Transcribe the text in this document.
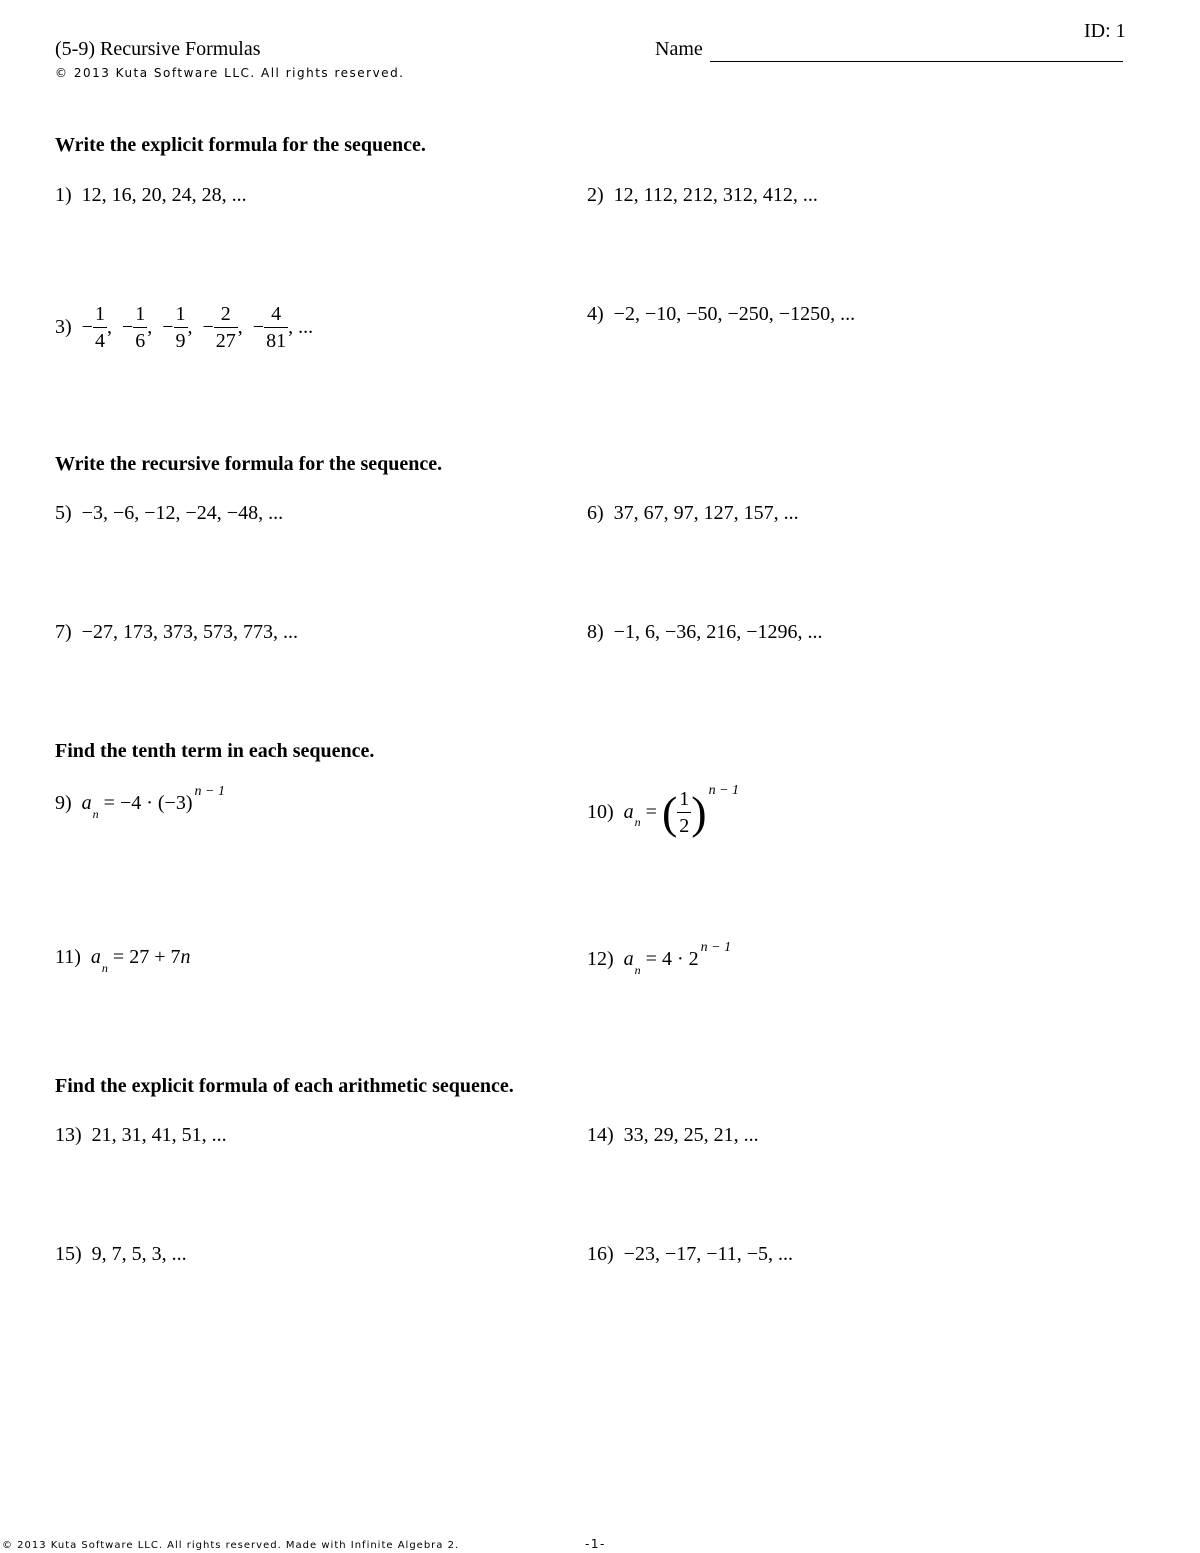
ID: 1
(5-9) Recursive Formulas
© 2013 Kuta Software LLC. All rights reserved.
Name
Write the explicit formula for the sequence.
1) 12, 16, 20, 24, 28, ...	2) 12, 112, 212, 312, 412, ...
$3) - \frac{1}{4}$ , − $\frac{1}{6}$ , − $\frac{1}{9}$ , − $\frac{2}{27}$ , − $\frac{4}{81}$ , ...
4) −2, −10, −50, −250, −1250, ...
Write the recursive formula for the sequence.
5) −3, −6, −12, −24, −48, ...	6) 37, 67, 97, 127, 157, ...
7) −27, 173, 373, 573, 773, ...	8) −1, 6, −36, 216, −1296, ...
Find the tenth term in each sequence.
9) $a_n = -4 \cdot (-3)^{n - 1}$
10)
a n
=
( $\frac{1}{2}$ ) n − 1
11) $a_n = 27 + 7n$	12) $a_n = 4 \cdot 2^{n - 1}$
Find the explicit formula of each arithmetic sequence.
13) 21, 31, 41, 51, ...	14) 33, 29, 25, 21, ...
15) 9, 7, 5, 3, ...	16) −23, −17, −11, −5, ...
© 2013 Kuta Software LLC. All rights reserved. Made with Infinite Algebra 2.	-1-
